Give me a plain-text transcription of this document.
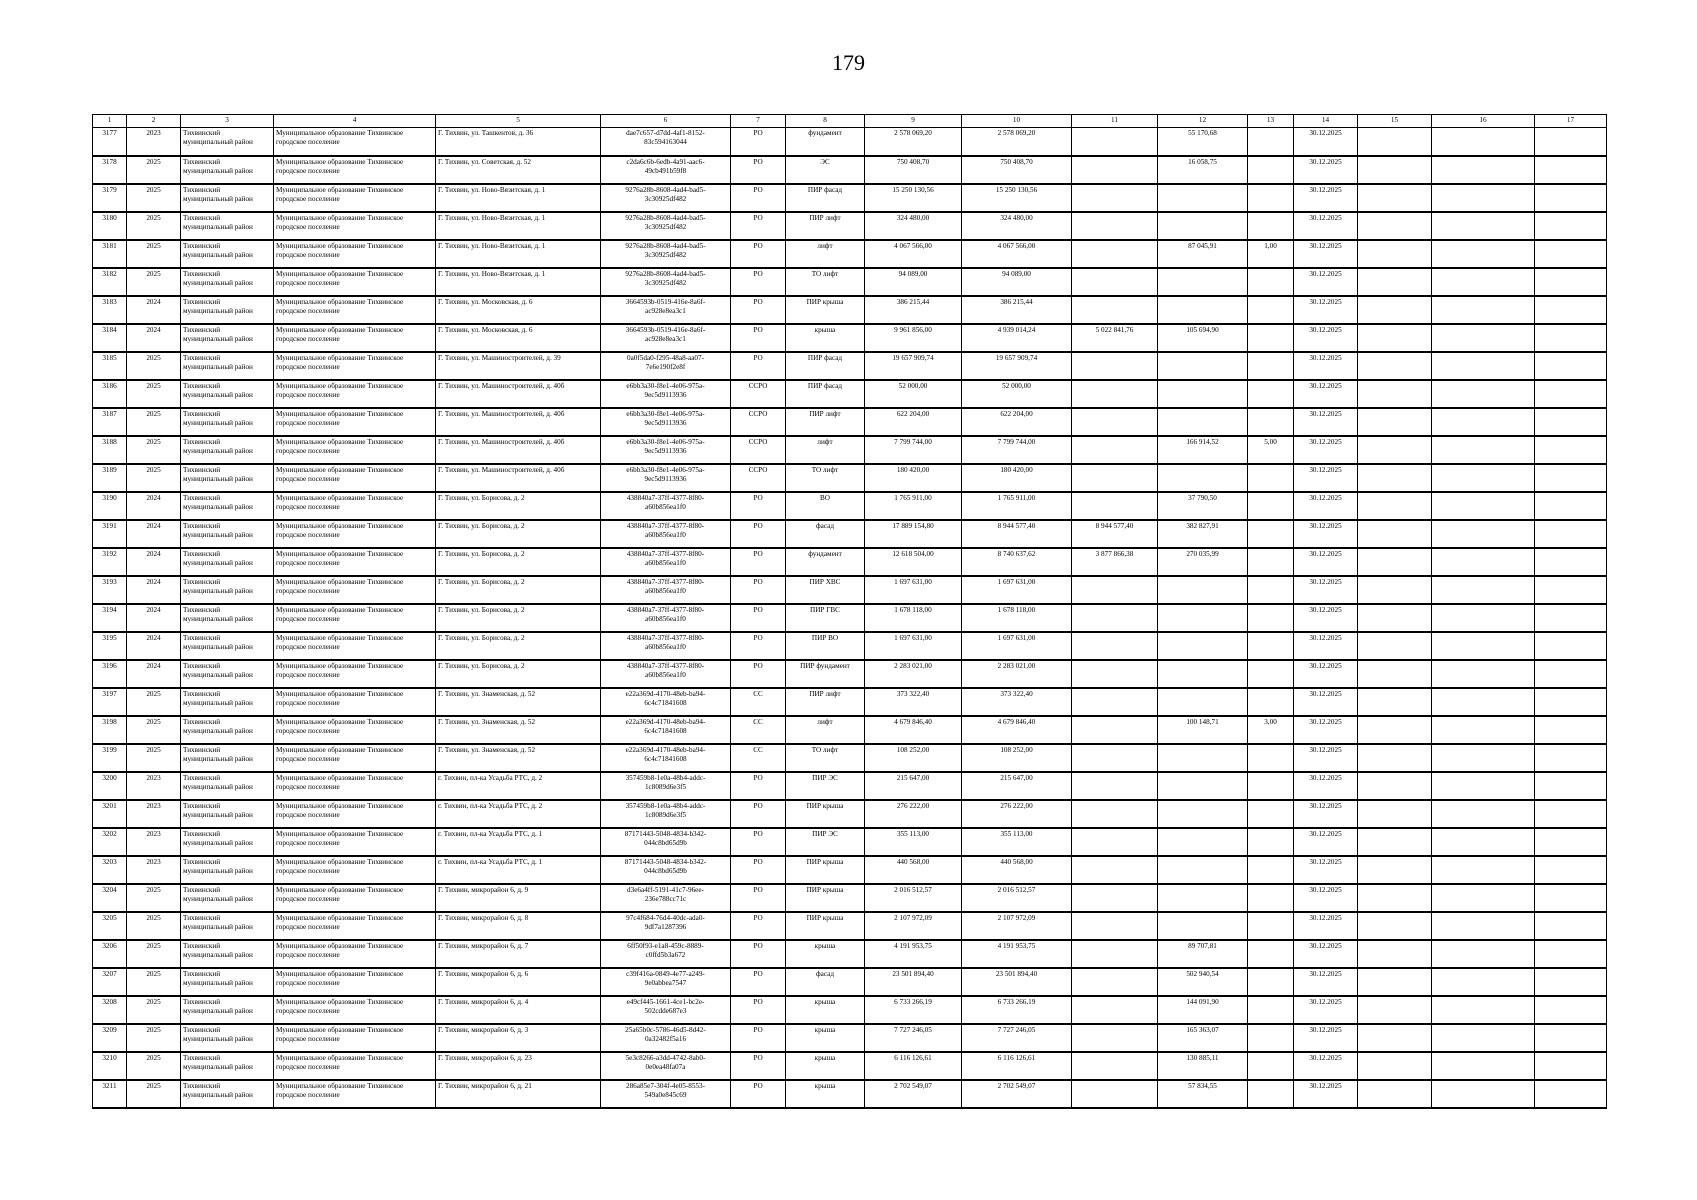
179
1	2	3	4	5	6	7	8	9	10	11	12	13	14	15	16	17
3177	2023	Тихвинский муниципальный район	Муниципальное образование Тихвинское городское поселение	Г. Тихвин, ул. Ташкентов, д. 36	dae7c657-d7dd-4af1-8152-
83c594163044	РО	фундамент	2 578 069,20	2 578 069,20		55 170,68		30.12.2025			
3178	2025	Тихвинский муниципальный район	Муниципальное образование Тихвинское городское поселение	Г. Тихвин, ул. Советская, д. 52	c2da6c6b-6edb-4a91-aac6-
49cb491b59f8	РО	ЭС	750 408,70	750 408,70		16 058,75		30.12.2025			
3179	2025	Тихвинский муниципальный район	Муниципальное образование Тихвинское городское поселение	Г. Тихвин, ул. Ново-Вязитская, д. 1	9276a28b-8608-4ad4-bad5-
3c30925df482	РО	ПИР фасад	15 250 130,56	15 250 130,56				30.12.2025			
3180	2025	Тихвинский муниципальный район	Муниципальное образование Тихвинское городское поселение	Г. Тихвин, ул. Ново-Вязитская, д. 1	9276a28b-8608-4ad4-bad5-
3c30925df482	РО	ПИР лифт	324 480,00	324 480,00				30.12.2025			
3181	2025	Тихвинский муниципальный район	Муниципальное образование Тихвинское городское поселение	Г. Тихвин, ул. Ново-Вязитская, д. 1	9276a28b-8608-4ad4-bad5-
3c30925df482	РО	лифт	4 067 566,00	4 067 566,00		87 045,91	1,00	30.12.2025			
3182	2025	Тихвинский муниципальный район	Муниципальное образование Тихвинское городское поселение	Г. Тихвин, ул. Ново-Вязитская, д. 1	9276a28b-8608-4ad4-bad5-
3c30925df482	РО	ТО лифт	94 089,00	94 089,00				30.12.2025			
3183	2024	Тихвинский муниципальный район	Муниципальное образование Тихвинское городское поселение	Г. Тихвин, ул. Московская, д. 6	3664593b-0519-416e-8a6f-
ac928e8ea3c1	РО	ПИР крыша	386 215,44	386 215,44				30.12.2025			
3184	2024	Тихвинский муниципальный район	Муниципальное образование Тихвинское городское поселение	Г. Тихвин, ул. Московская, д. 6	3664593b-0519-416e-8a6f-
ac928e8ea3c1	РО	крыша	9 961 856,00	4 939 014,24	5 022 841,76	105 694,90		30.12.2025			
3185	2025	Тихвинский муниципальный район	Муниципальное образование Тихвинское городское поселение	Г. Тихвин, ул. Машиностроителей, д. 39	0a0f5da0-f295-48a8-aa07-
7e6e190f2e8f	РО	ПИР фасад	19 657 909,74	19 657 909,74				30.12.2025			
3186	2025	Тихвинский муниципальный район	Муниципальное образование Тихвинское городское поселение	Г. Тихвин, ул. Машиностроителей, д. 40б	e6bb3a30-f8e1-4e06-975a-
9ec5d9113936	ССРО	ПИР фасад	52 000,00	52 000,00				30.12.2025			
3187	2025	Тихвинский муниципальный район	Муниципальное образование Тихвинское городское поселение	Г. Тихвин, ул. Машиностроителей, д. 40б	e6bb3a30-f8e1-4e06-975a-
9ec5d9113936	ССРО	ПИР лифт	622 204,00	622 204,00				30.12.2025			
3188	2025	Тихвинский муниципальный район	Муниципальное образование Тихвинское городское поселение	Г. Тихвин, ул. Машиностроителей, д. 40б	e6bb3a30-f8e1-4e06-975a-
9ec5d9113936	ССРО	лифт	7 799 744,00	7 799 744,00		166 914,52	5,00	30.12.2025			
3189	2025	Тихвинский муниципальный район	Муниципальное образование Тихвинское городское поселение	Г. Тихвин, ул. Машиностроителей, д. 40б	e6bb3a30-f8e1-4e06-975a-
9ec5d9113936	ССРО	ТО лифт	180 420,00	180 420,00				30.12.2025			
3190	2024	Тихвинский муниципальный район	Муниципальное образование Тихвинское городское поселение	Г. Тихвин, ул. Борисова, д. 2	438840a7-37ff-4377-8f80-
a60b856ea1f0	РО	ВО	1 765 911,00	1 765 911,00		37 790,50		30.12.2025			
3191	2024	Тихвинский муниципальный район	Муниципальное образование Тихвинское городское поселение	Г. Тихвин, ул. Борисова, д. 2	438840a7-37ff-4377-8f80-
a60b856ea1f0	РО	фасад	17 889 154,80	8 944 577,40	8 944 577,40	382 827,91		30.12.2025			
3192	2024	Тихвинский муниципальный район	Муниципальное образование Тихвинское городское поселение	Г. Тихвин, ул. Борисова, д. 2	438840a7-37ff-4377-8f80-
a60b856ea1f0	РО	фундамент	12 618 504,00	8 740 637,62	3 877 866,38	270 035,99		30.12.2025			
3193	2024	Тихвинский муниципальный район	Муниципальное образование Тихвинское городское поселение	Г. Тихвин, ул. Борисова, д. 2	438840a7-37ff-4377-8f80-
a60b856ea1f0	РО	ПИР ХВС	1 697 631,00	1 697 631,00				30.12.2025			
3194	2024	Тихвинский муниципальный район	Муниципальное образование Тихвинское городское поселение	Г. Тихвин, ул. Борисова, д. 2	438840a7-37ff-4377-8f80-
a60b856ea1f0	РО	ПИР ГВС	1 678 118,00	1 678 118,00				30.12.2025			
3195	2024	Тихвинский муниципальный район	Муниципальное образование Тихвинское городское поселение	Г. Тихвин, ул. Борисова, д. 2	438840a7-37ff-4377-8f80-
a60b856ea1f0	РО	ПИР ВО	1 697 631,00	1 697 631,00				30.12.2025			
3196	2024	Тихвинский муниципальный район	Муниципальное образование Тихвинское городское поселение	Г. Тихвин, ул. Борисова, д. 2	438840a7-37ff-4377-8f80-
a60b856ea1f0	РО	ПИР фундамент	2 283 021,00	2 283 021,00				30.12.2025			
3197	2025	Тихвинский муниципальный район	Муниципальное образование Тихвинское городское поселение	Г. Тихвин, ул. Знаменская, д. 52	e22a369d-4170-48eb-ba94-
6c4c71841608	СС	ПИР лифт	373 322,40	373 322,40				30.12.2025			
3198	2025	Тихвинский муниципальный район	Муниципальное образование Тихвинское городское поселение	Г. Тихвин, ул. Знаменская, д. 52	e22a369d-4170-48eb-ba94-
6c4c71841608	СС	лифт	4 679 846,40	4 679 846,40		100 148,71	3,00	30.12.2025			
3199	2025	Тихвинский муниципальный район	Муниципальное образование Тихвинское городское поселение	Г. Тихвин, ул. Знаменская, д. 52	e22a369d-4170-48eb-ba94-
6c4c71841608	СС	ТО лифт	108 252,00	108 252,00				30.12.2025			
3200	2023	Тихвинский муниципальный район	Муниципальное образование Тихвинское городское поселение	г. Тихвин, пл-ка Усадьба РТС, д. 2	357459b8-1e0a-48b4-addc-
1c8089d6e3f5	РО	ПИР ЭС	215 647,00	215 647,00				30.12.2025			
3201	2023	Тихвинский муниципальный район	Муниципальное образование Тихвинское городское поселение	г. Тихвин, пл-ка Усадьба РТС, д. 2	357459b8-1e0a-48b4-addc-
1c8089d6e3f5	РО	ПИР крыша	276 222,00	276 222,00				30.12.2025			
3202	2023	Тихвинский муниципальный район	Муниципальное образование Тихвинское городское поселение	г. Тихвин, пл-ка Усадьба РТС, д. 1	87171443-5048-4834-b342-
044c8bd65d9b	РО	ПИР ЭС	355 113,00	355 113,00				30.12.2025			
3203	2023	Тихвинский муниципальный район	Муниципальное образование Тихвинское городское поселение	г. Тихвин, пл-ка Усадьба РТС, д. 1	87171443-5048-4834-b342-
044c8bd65d9b	РО	ПИР крыша	440 568,00	440 568,00				30.12.2025			
3204	2025	Тихвинский муниципальный район	Муниципальное образование Тихвинское городское поселение	Г. Тихвин, микрорайон 6, д. 9	d3e6a4ff-5191-41c7-96ee-
236e788cc71c	РО	ПИР крыша	2 016 512,57	2 016 512,57				30.12.2025			
3205	2025	Тихвинский муниципальный район	Муниципальное образование Тихвинское городское поселение	Г. Тихвин, микрорайон 6, д. 8	97c4f684-76d4-40dc-ada0-
9df7a1287396	РО	ПИР крыша	2 107 972,09	2 107 972,09				30.12.2025			
3206	2025	Тихвинский муниципальный район	Муниципальное образование Тихвинское городское поселение	Г. Тихвин, микрорайон 6, д. 7	6ff50f93-e1a8-459c-8889-
c0ffd5b3a672	РО	крыша	4 191 953,75	4 191 953,75		89 707,81		30.12.2025			
3207	2025	Тихвинский муниципальный район	Муниципальное образование Тихвинское городское поселение	Г. Тихвин, микрорайон 6, д. 6	c39f416a-0849-4e77-a249-
9e0abbea7547	РО	фасад	23 501 894,40	23 501 894,40		502 940,54		30.12.2025			
3208	2025	Тихвинский муниципальный район	Муниципальное образование Тихвинское городское поселение	Г. Тихвин, микрорайон 6, д. 4	e49cf445-1661-4ce1-bc2e-
502cdde687e3	РО	крыша	6 733 266,19	6 733 266,19		144 091,90		30.12.2025			
3209	2025	Тихвинский муниципальный район	Муниципальное образование Тихвинское городское поселение	Г. Тихвин, микрорайон 6, д. 3	25a65b0c-5786-46d5-8d42-
0a32482f5a16	РО	крыша	7 727 246,05	7 727 246,05		165 363,07		30.12.2025			
3210	2025	Тихвинский муниципальный район	Муниципальное образование Тихвинское городское поселение	Г. Тихвин, микрорайон 6, д. 23	5e3c8266-a3dd-4742-8ab0-
0e0ea48fa07a	РО	крыша	6 116 126,61	6 116 126,61		130 885,11		30.12.2025			
3211	2025	Тихвинский муниципальный район	Муниципальное образование Тихвинское городское поселение	Г. Тихвин, микрорайон 6, д. 21	286a85e7-304f-4e05-8553-
549a0e845c69	РО	крыша	2 702 549,07	2 702 549,07		57 834,55		30.12.2025			
